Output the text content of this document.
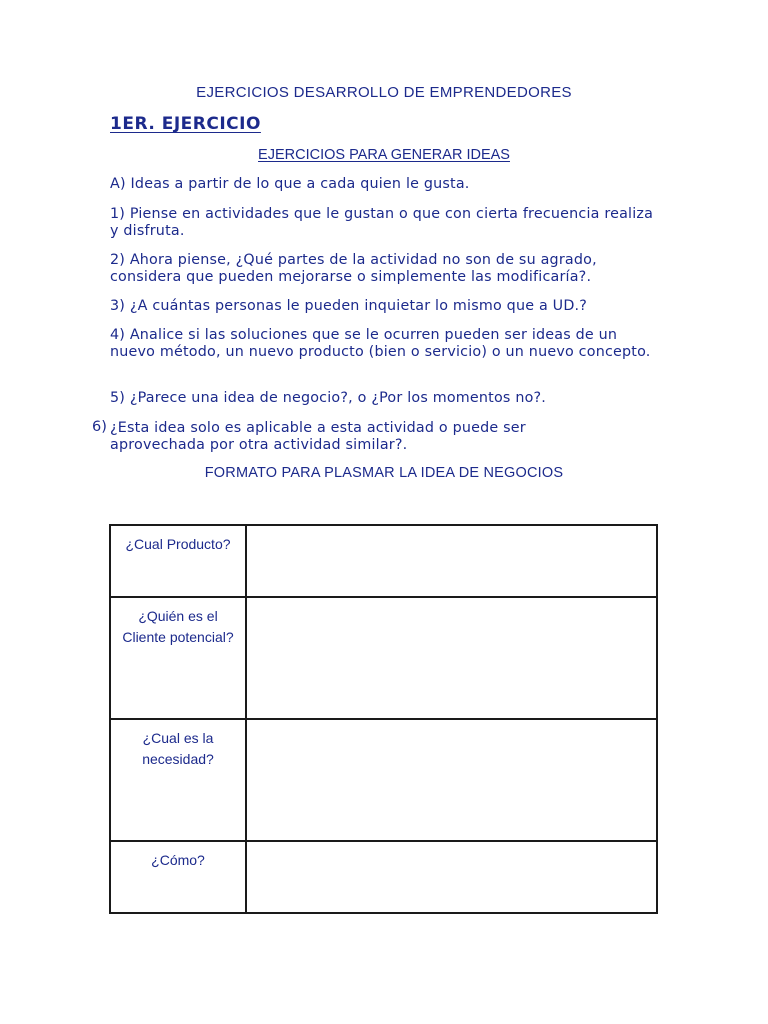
EJERCICIOS DESARROLLO DE EMPRENDEDORES
1ER. EJERCICIO
EJERCICIOS PARA GENERAR IDEAS
A) Ideas a partir de lo que a cada quien le gusta.
1) Piense en actividades que le gustan o que con cierta frecuencia realiza y disfruta.
2) Ahora piense, ¿Qué partes de la actividad no son de su agrado, considera que pueden mejorarse o simplemente las modificaría?.
3) ¿A cuántas personas le pueden inquietar lo mismo que a UD.?
4) Analice si las soluciones que se le ocurren pueden ser ideas de un nuevo método, un nuevo producto (bien o servicio) o un nuevo concepto.
5) ¿Parece una idea de negocio?, o ¿Por los momentos no?.
6) ¿Esta idea solo es aplicable a esta actividad o puede ser aprovechada por otra actividad similar?.
FORMATO PARA PLASMAR LA IDEA DE NEGOCIOS
¿Cual Producto?	

¿Quién es el
Cliente potencial?	

¿Cual es la
necesidad?	

¿Cómo?	
